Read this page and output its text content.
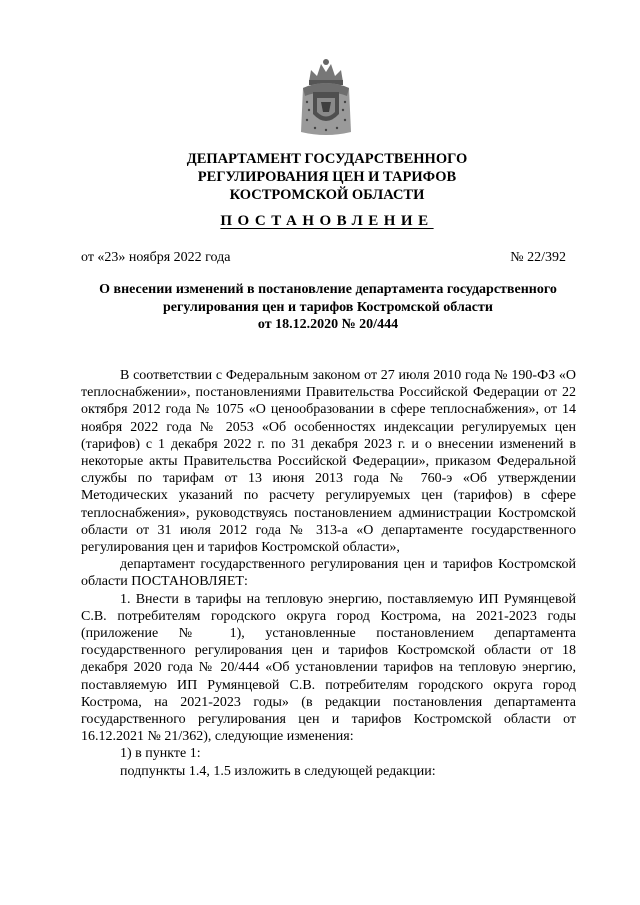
ДЕПАРТАМЕНТ ГОСУДАРСТВЕННОГО
РЕГУЛИРОВАНИЯ ЦЕН И ТАРИФОВ
КОСТРОМСКОЙ ОБЛАСТИ
ПОСТАНОВЛЕНИЕ
от «23» ноября 2022 года	№ 22/392
О внесении изменений в постановление департамента государственного
регулирования цен и тарифов Костромской области
от 18.12.2020 № 20/444

В соответствии с Федеральным законом от 27 июля 2010 года № 190-ФЗ «О теплоснабжении», постановлениями Правительства Российской Федерации от 22 октября 2012 года № 1075 «О ценообразовании в сфере теплоснабжения», от 14 ноября 2022 года № 2053 «Об особенностях индексации регулируемых цен (тарифов) с 1 декабря 2022 г. по 31 декабря 2023 г. и о внесении изменений в некоторые акты Правительства Российской Федерации», приказом Федеральной службы по тарифам от 13 июня 2013 года № 760-э «Об утверждении Методических указаний по расчету регулируемых цен (тарифов) в сфере теплоснабжения», руководствуясь постановлением администрации Костромской области от 31 июля 2012 года № 313-а «О департаменте государственного регулирования цен и тарифов Костромской области»,

департамент государственного регулирования цен и тарифов Костромской области ПОСТАНОВЛЯЕТ:

1. Внести в тарифы на тепловую энергию, поставляемую ИП Румянцевой С.В. потребителям городского округа город Кострома, на 2021-2023 годы (приложение № 1), установленные постановлением департамента государственного регулирования цен и тарифов Костромской области от 18 декабря 2020 года № 20/444 «Об установлении тарифов на тепловую энергию, поставляемую ИП Румянцевой С.В. потребителям городского округа город Кострома, на 2021-2023 годы» (в редакции постановления департамента государственного регулирования цен и тарифов Костромской области от 16.12.2021 № 21/362), следующие изменения:

1) в пункте 1:

подпункты 1.4, 1.5 изложить в следующей редакции:
